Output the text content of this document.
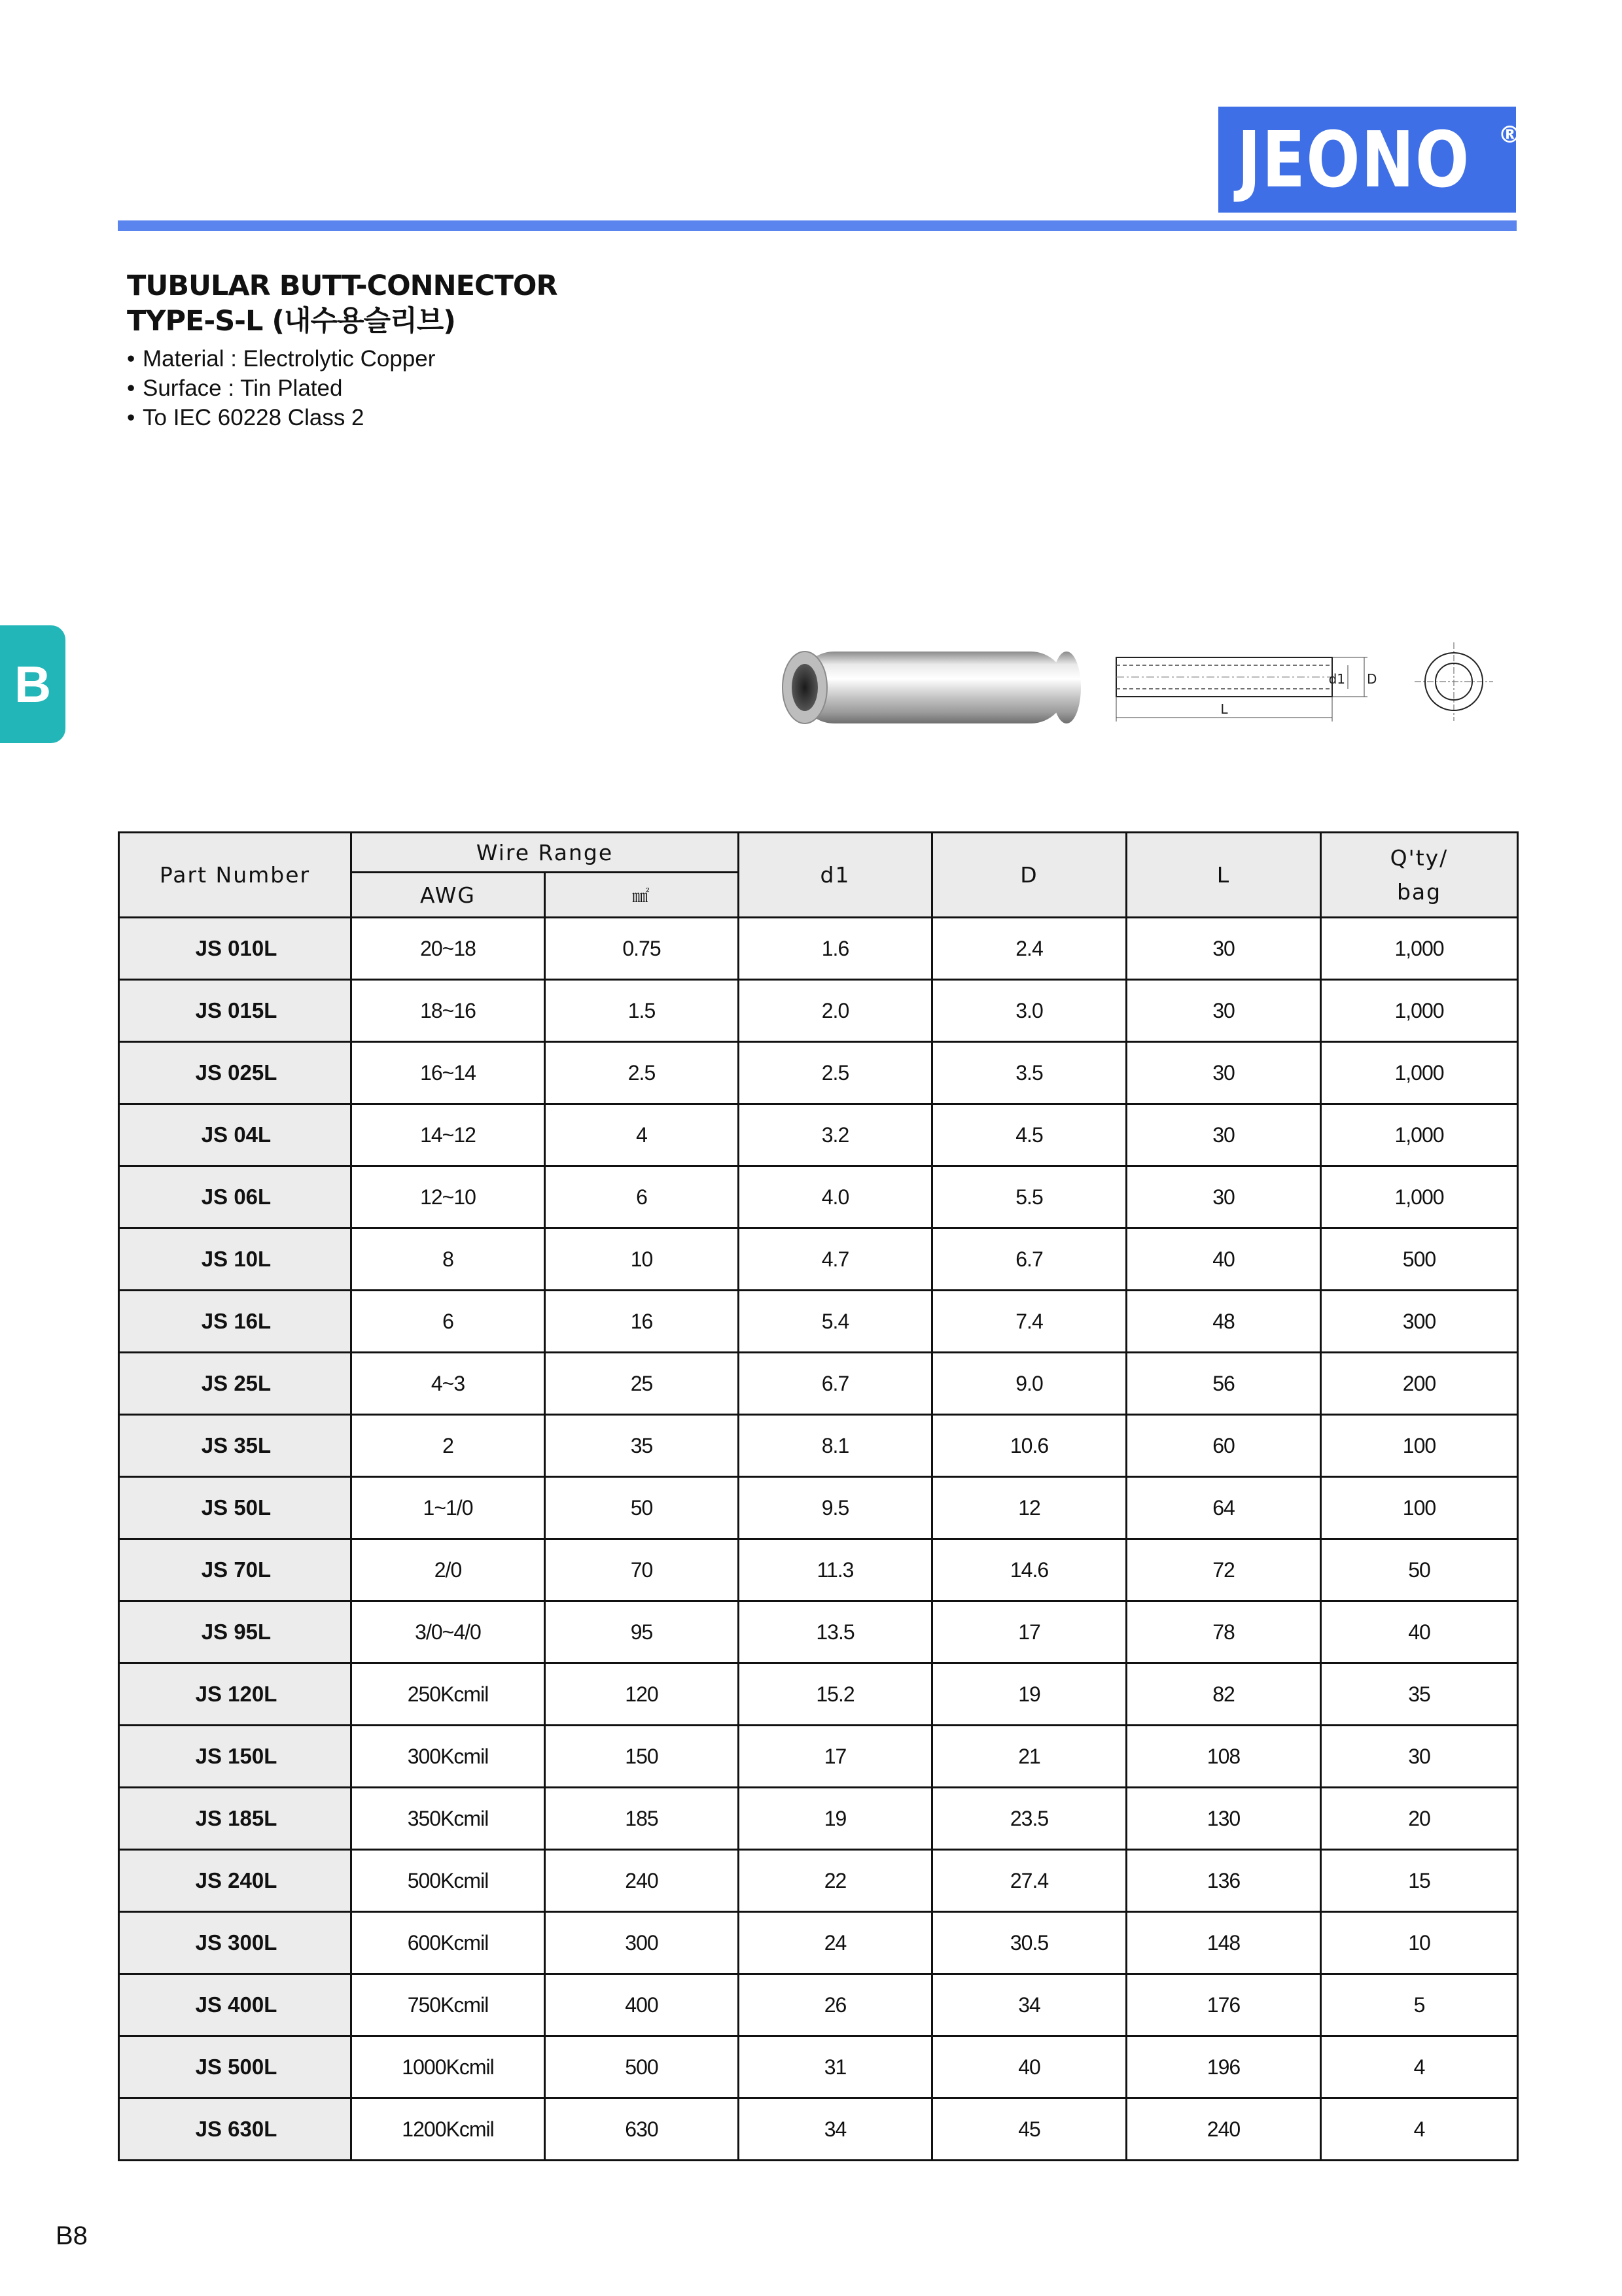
JEONO ®
TUBULAR BUTT-CONNECTOR
TYPE-S-L (내수용슬리브)
• Material : Electrolytic Copper
• Surface : Tin Plated
• To IEC 60228 Class 2
B	d1 D
L
Part Number	Wire Range		d1	D	L	Q'ty/
bag

	AWG	㎟				
JS 010L	20~18	0.75	1.6	2.4	30	1,000
JS 015L	18~16	1.5	2.0	3.0	30	1,000
JS 025L	16~14	2.5	2.5	3.5	30	1,000
JS 04L	14~12	4	3.2	4.5	30	1,000
JS 06L	12~10	6	4.0	5.5	30	1,000
JS 10L	8	10	4.7	6.7	40	500
JS 16L	6	16	5.4	7.4	48	300
JS 25L	4~3	25	6.7	9.0	56	200
JS 35L	2	35	8.1	10.6	60	100
JS 50L	1~1/0	50	9.5	12	64	100
JS 70L	2/0	70	11.3	14.6	72	50
JS 95L	3/0~4/0	95	13.5	17	78	40
JS 120L	250Kcmil	120	15.2	19	82	35
JS 150L	300Kcmil	150	17	21	108	30
JS 185L	350Kcmil	185	19	23.5	130	20
JS 240L	500Kcmil	240	22	27.4	136	15
JS 300L	600Kcmil	300	24	30.5	148	10
JS 400L	750Kcmil	400	26	34	176	5
JS 500L	1000Kcmil	500	31	40	196	4
JS 630L	1200Kcmil	630	34	45	240	4
B8
